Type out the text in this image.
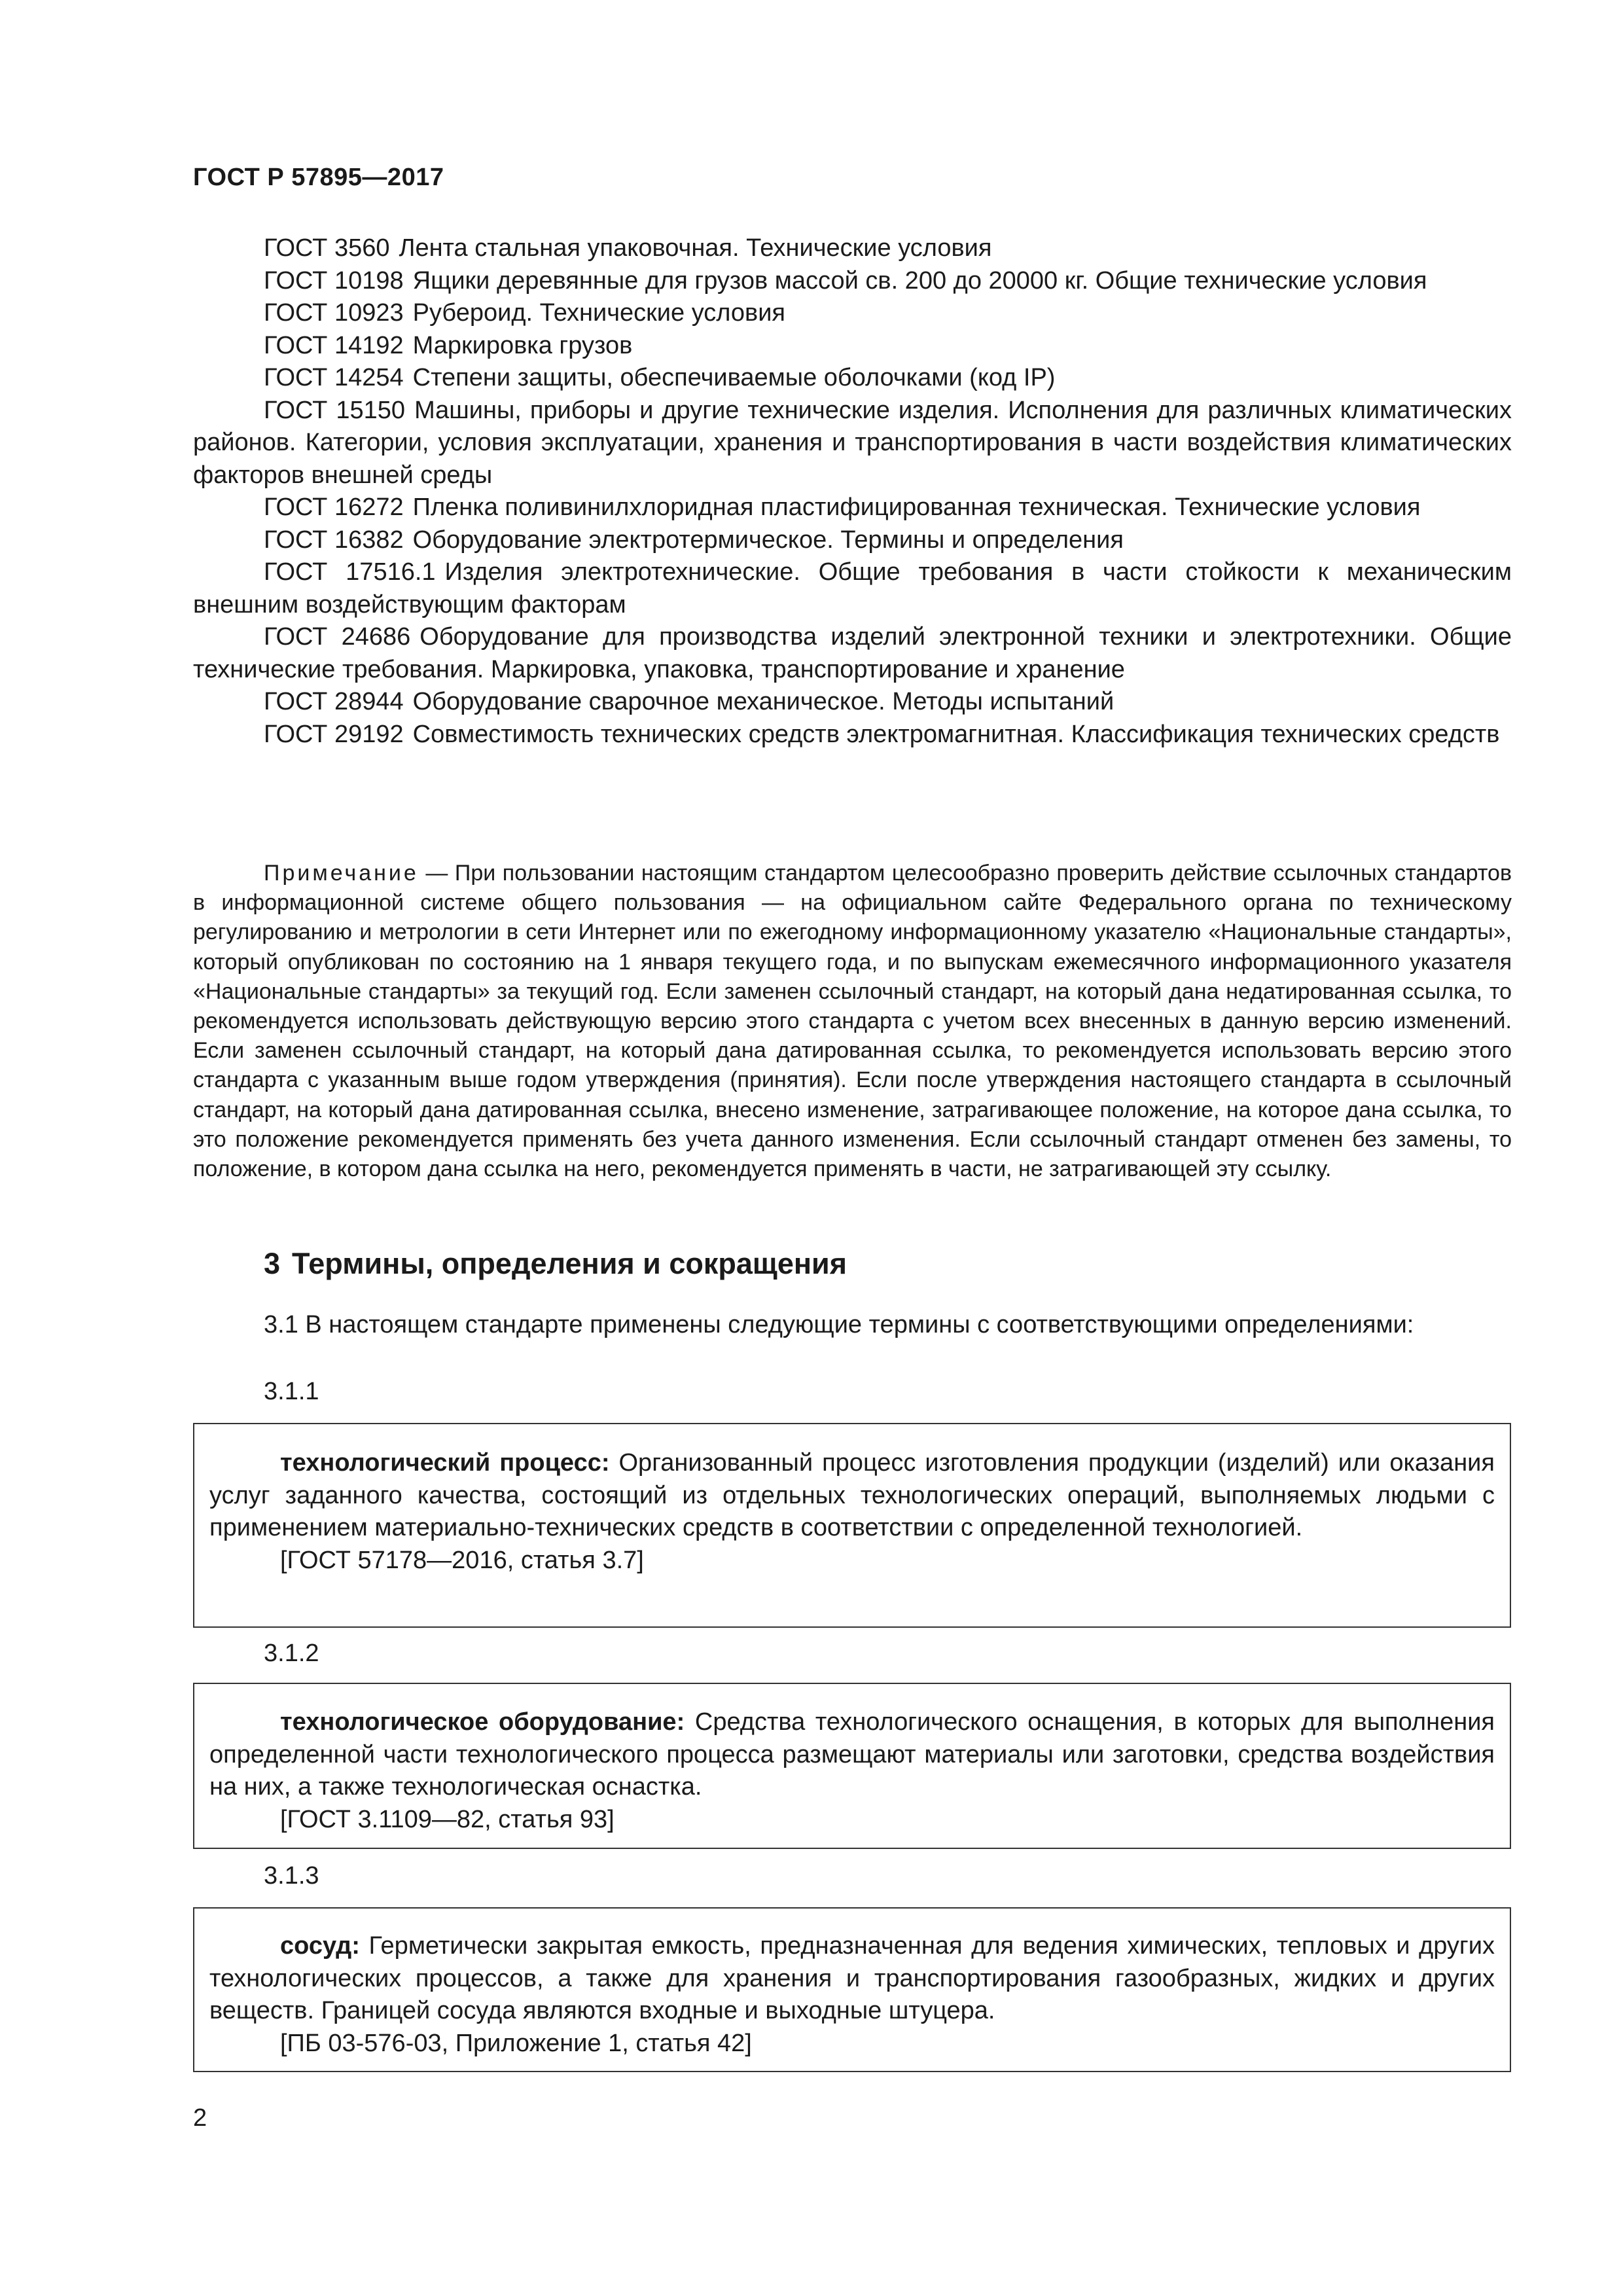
ГОСТ Р 57895—2017

ГОСТ 3560 Лента стальная упаковочная. Технические условия

ГОСТ 10198 Ящики деревянные для грузов массой св. 200 до 20000 кг. Общие технические условия

ГОСТ 10923 Рубероид. Технические условия

ГОСТ 14192 Маркировка грузов

ГОСТ 14254 Степени защиты, обеспечиваемые оболочками (код IP)

ГОСТ 15150 Машины, приборы и другие технические изделия. Исполнения для различных климатических районов. Категории, условия эксплуатации, хранения и транспортирования в части воздействия климатических факторов внешней среды

ГОСТ 16272 Пленка поливинилхлоридная пластифицированная техническая. Технические условия

ГОСТ 16382 Оборудование электротермическое. Термины и определения

ГОСТ 17516.1 Изделия электротехнические. Общие требования в части стойкости к механическим внешним воздействующим факторам

ГОСТ 24686 Оборудование для производства изделий электронной техники и электротехники. Общие технические требования. Маркировка, упаковка, транспортирование и хранение

ГОСТ 28944 Оборудование сварочное механическое. Методы испытаний

ГОСТ 29192 Совместимость технических средств электромагнитная. Классификация технических средств

Примечание — При пользовании настоящим стандартом целесообразно проверить действие ссылочных стандартов в информационной системе общего пользования — на официальном сайте Федерального органа по техническому регулированию и метрологии в сети Интернет или по ежегодному информационному указателю «Национальные стандарты», который опубликован по состоянию на 1 января текущего года, и по выпускам ежемесячного информационного указателя «Национальные стандарты» за текущий год. Если заменен ссылочный стандарт, на который дана недатированная ссылка, то рекомендуется использовать действующую версию этого стандарта с учетом всех внесенных в данную версию изменений. Если заменен ссылочный стандарт, на который дана датированная ссылка, то рекомендуется использовать версию этого стандарта с указанным выше годом утверждения (принятия). Если после утверждения настоящего стандарта в ссылочный стандарт, на который дана датированная ссылка, внесено изменение, затрагивающее положение, на которое дана ссылка, то это положение рекомендуется применять без учета данного изменения. Если ссылочный стандарт отменен без замены, то положение, в котором дана ссылка на него, рекомендуется применять в части, не затрагивающей эту ссылку.

3 Термины, определения и сокращения

3.1 В настоящем стандарте применены следующие термины с соответствующими определениями:

3.1.1

технологический процесс: Организованный процесс изготовления продукции (изделий) или оказания услуг заданного качества, состоящий из отдельных технологических операций, выполняемых людьми с применением материально-технических средств в соответствии с определенной технологией.

[ГОСТ 57178—2016, статья 3.7]

3.1.2

технологическое оборудование: Средства технологического оснащения, в которых для выполнения определенной части технологического процесса размещают материалы или заготовки, средства воздействия на них, а также технологическая оснастка.

[ГОСТ 3.1109—82, статья 93]

3.1.3

сосуд: Герметически закрытая емкость, предназначенная для ведения химических, тепловых и других технологических процессов, а также для хранения и транспортирования газообразных, жидких и других веществ. Границей сосуда являются входные и выходные штуцера.

[ПБ 03-576-03, Приложение 1, статья 42]

2
